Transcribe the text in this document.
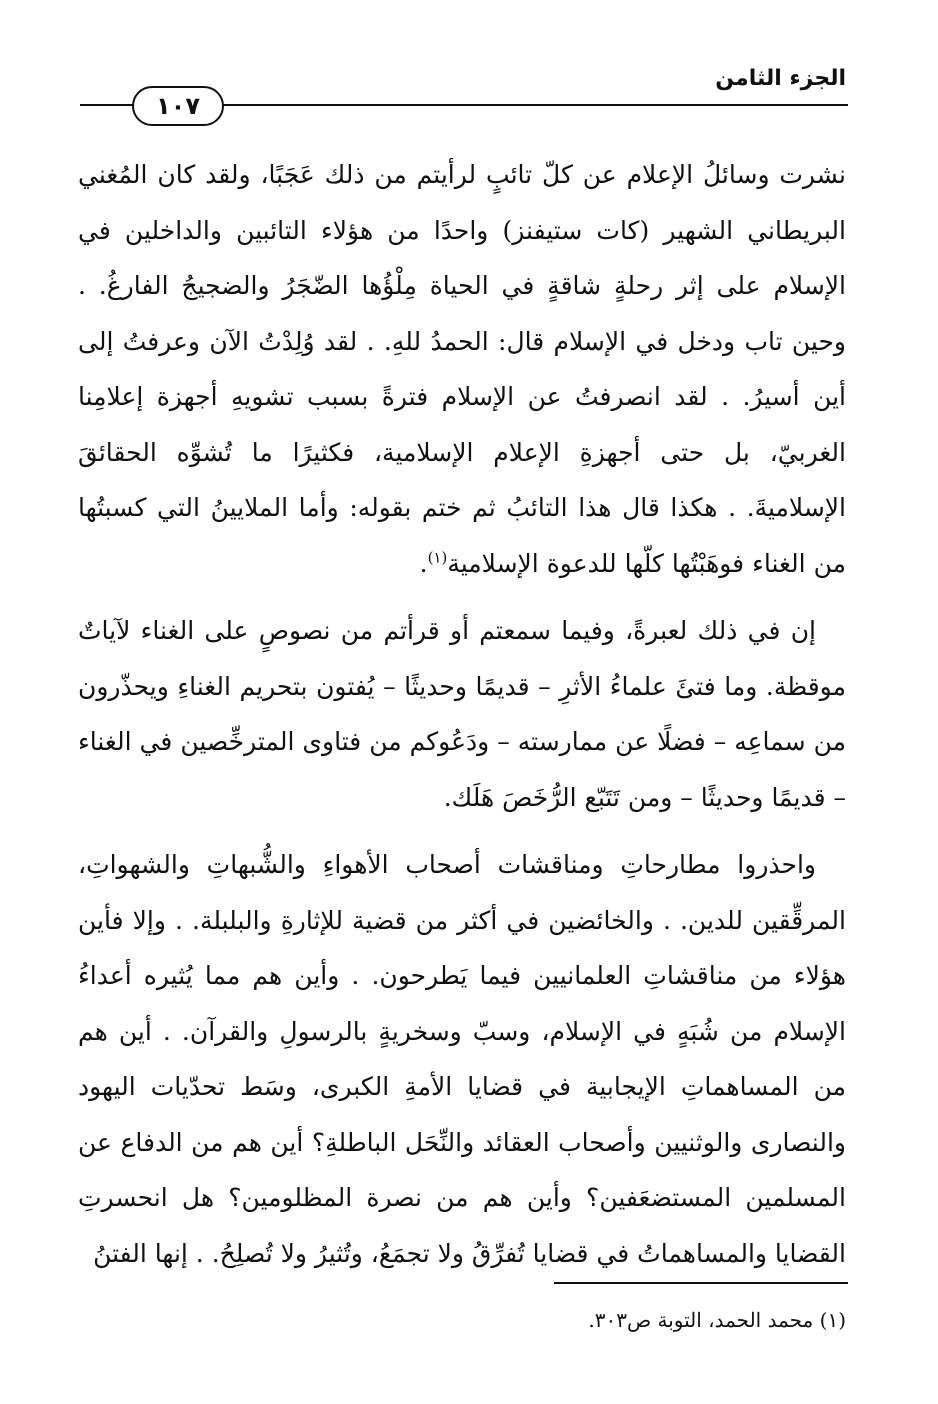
الجزء الثامن
١٠٧

نشرت وسائلُ الإعلام عن كلّ تائبٍ لرأيتم من ذلك عَجَبًا، ولقد كان المُغني البريطاني الشهير (كات ستيفنز) واحدًا من هؤلاء التائبين والداخلين في الإسلام على إثر رحلةٍ شاقةٍ في الحياة مِلْؤُها الضّجَرُ والضجيجُ الفارغُ. . وحين تاب ودخل في الإسلام قال: الحمدُ للهِ. . لقد وُلِدْتُ الآن وعرفتُ إلى أين أسيرُ. . لقد انصرفتُ عن الإسلام فترةً بسبب تشويهِ أجهزة إعلامِنا الغربيّ، بل حتى أجهزةِ الإعلام الإسلامية، فكثيرًا ما تُشوِّه الحقائقَ الإسلاميةَ. . هكذا قال هذا التائبُ ثم ختم بقوله: وأما الملايينُ التي كسبتُها من الغناء فوهَبْتُها كلّها للدعوة الإسلامية$^{(١)}$.

إن في ذلك لعبرةً، وفيما سمعتم أو قرأتم من نصوصٍ على الغناء لآياتٌ موقظة. وما فتئَ علماءُ الأثرِ – قديمًا وحديثًا – يُفتون بتحريم الغناءِ ويحذّرون من سماعِه – فضلًا عن ممارسته – ودَعُوكم من فتاوى المترخِّصين في الغناء – قديمًا وحديثًا – ومن تَتَبّع الرُّخَصَ هَلَك.

واحذروا مطارحاتِ ومناقشات أصحاب الأهواءِ والشُّبهاتِ والشهواتِ، المرقِّقين للدين. . والخائضين في أكثر من قضية للإثارةِ والبلبلة. . وإلا فأين هؤلاء من مناقشاتِ العلمانيين فيما يَطرحون. . وأين هم مما يُثيره أعداءُ الإسلام من شُبَهٍ في الإسلام، وسبّ وسخريةٍ بالرسولِ والقرآن. . أين هم من المساهماتِ الإيجابية في قضايا الأمةِ الكبرى، وسَط تحدّيات اليهود والنصارى والوثنيين وأصحاب العقائد والنِّحَل الباطلةِ؟ أين هم من الدفاع عن المسلمين المستضعَفين؟ وأين هم من نصرة المظلومين؟ هل انحسرتِ القضايا والمساهماتُ في قضايا تُفرِّقُ ولا تجمَعُ، وتُثيرُ ولا تُصلِحُ. . إنها الفتنُ

(١) محمد الحمد، التوبة ص٣٠٣.
